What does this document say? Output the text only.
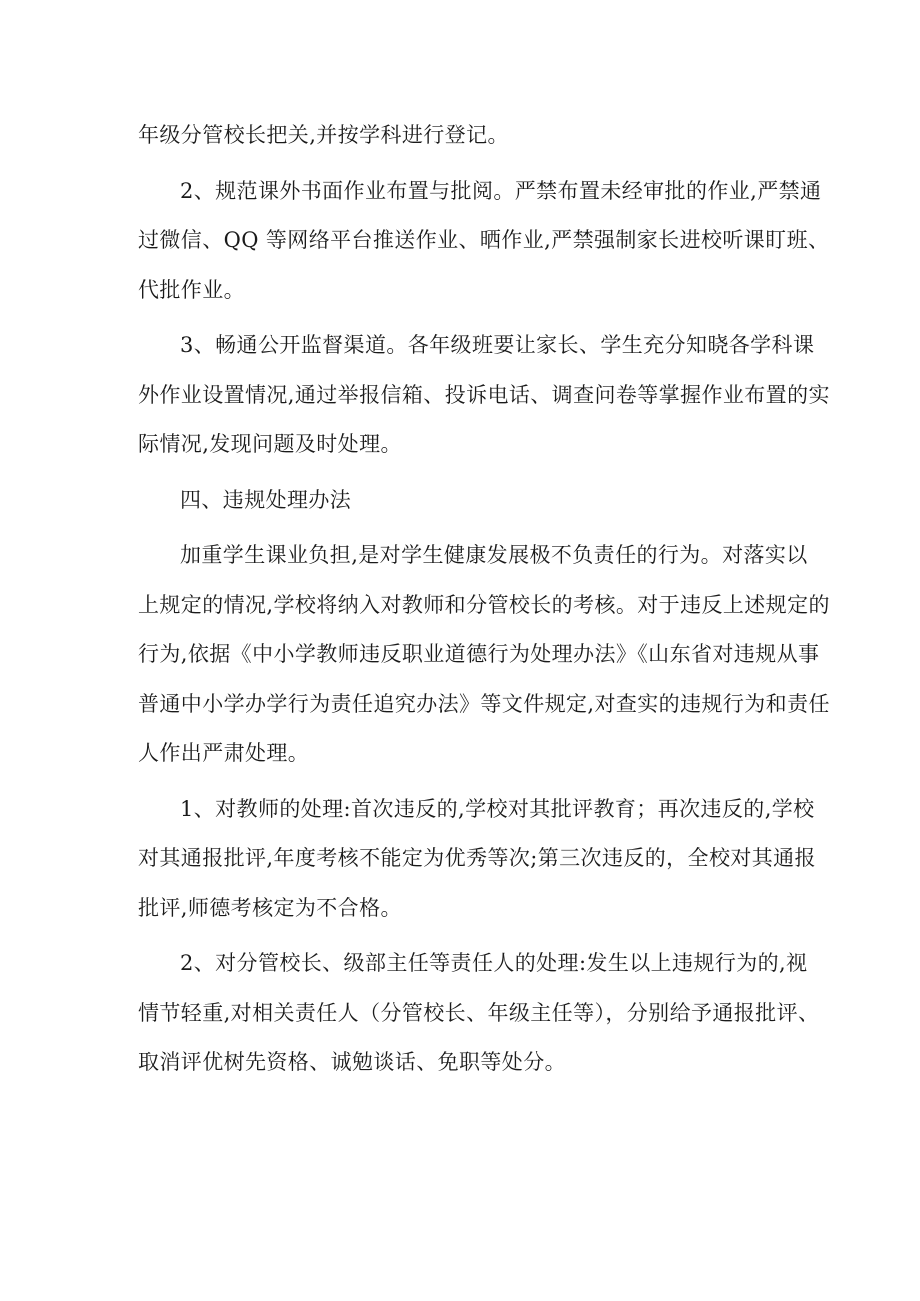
年级分管校长把关,并按学科进行登记。

2、规范课外书面作业布置与批阅。严禁布置未经审批的作业,严禁通
过微信、QQ 等网络平台推送作业、晒作业,严禁强制家长进校听课盯班、
代批作业。

3、畅通公开监督渠道。各年级班要让家长、学生充分知晓各学科课
外作业设置情况,通过举报信箱、投诉电话、调查问卷等掌握作业布置的实
际情况,发现问题及时处理。

四、违规处理办法

加重学生课业负担,是对学生健康发展极不负责任的行为。对落实以
上规定的情况,学校将纳入对教师和分管校长的考核。对于违反上述规定的
行为,依据《中小学教师违反职业道德行为处理办法》《山东省对违规从事
普通中小学办学行为责任追究办法》等文件规定,对查实的违规行为和责任
人作出严肃处理。

1、对教师的处理:首次违反的,学校对其批评教育；再次违反的,学校
对其通报批评,年度考核不能定为优秀等次;第三次违反的，全校对其通报
批评,师德考核定为不合格。

2、对分管校长、级部主任等责任人的处理:发生以上违规行为的,视
情节轻重,对相关责任人（分管校长、年级主任等），分别给予通报批评、
取消评优树先资格、诚勉谈话、免职等处分。
